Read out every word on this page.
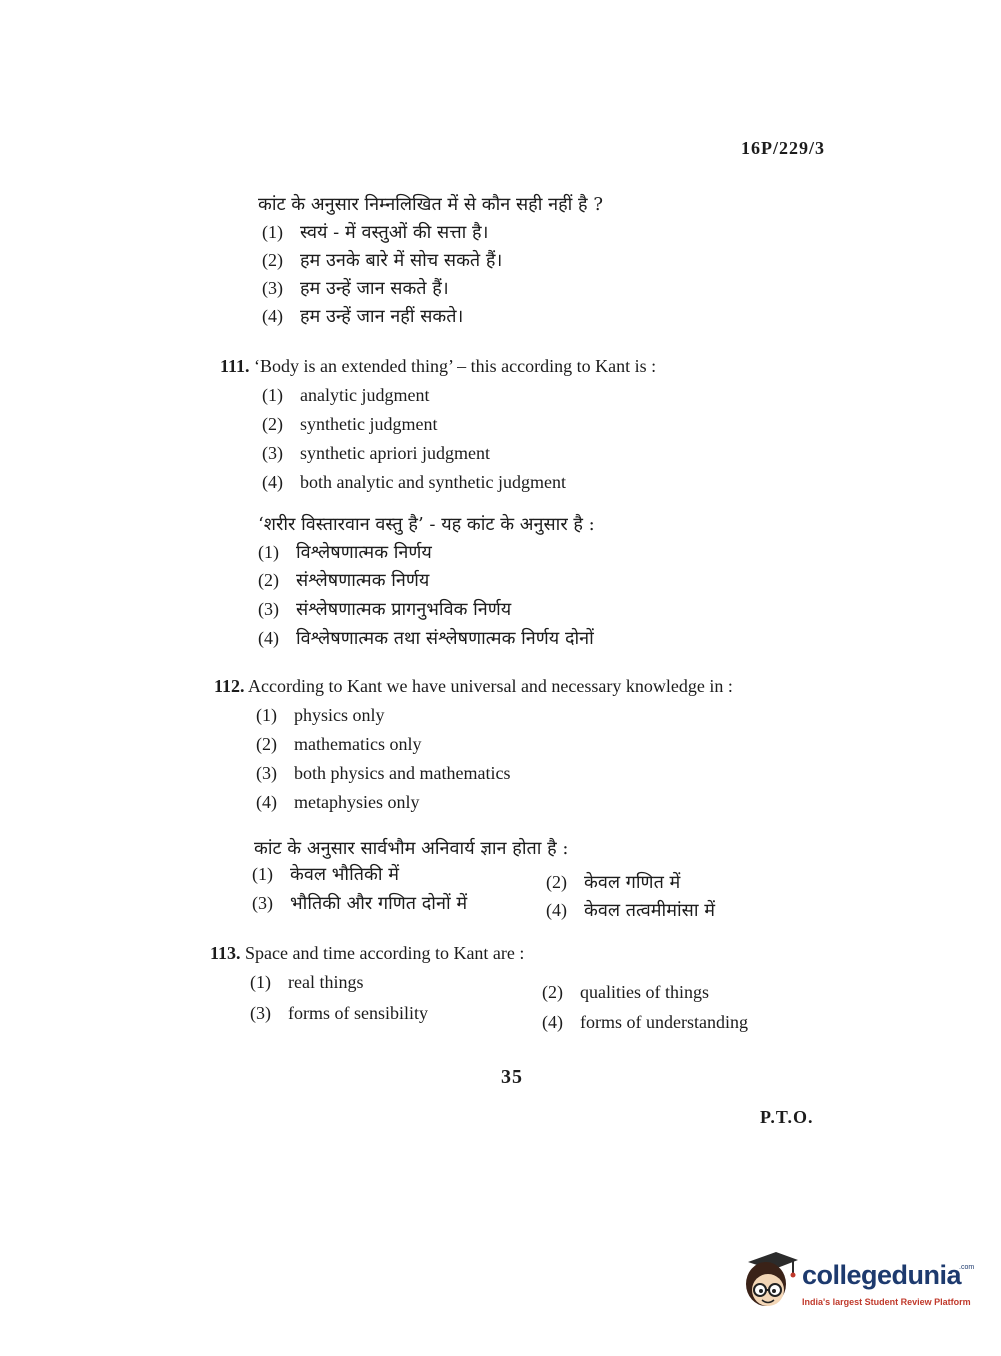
16P/229/3
कांट के अनुसार निम्नलिखित में से कौन सही नहीं है ?
(1) स्वयं - में वस्तुओं की सत्ता है।
(2) हम उनके बारे में सोच सकते हैं।
(3) हम उन्हें जान सकते हैं।
(4) हम उन्हें जान नहीं सकते।
111. ‘Body is an extended thing’ – this according to Kant is :
(1) analytic judgment
(2) synthetic judgment
(3) synthetic apriori judgment
(4) both analytic and synthetic judgment
‘शरीर विस्तारवान वस्तु है’ - यह कांट के अनुसार है :
(1) विश्लेषणात्मक निर्णय
(2) संश्लेषणात्मक निर्णय
(3) संश्लेषणात्मक प्रागनुभविक निर्णय
(4) विश्लेषणात्मक तथा संश्लेषणात्मक निर्णय दोनों
112. According to Kant we have universal and necessary knowledge in :
(1) physics only
(2) mathematics only
(3) both physics and mathematics
(4) metaphysies only
कांट के अनुसार सार्वभौम अनिवार्य ज्ञान होता है :
(1) केवल भौतिकी में	(2) केवल गणित में
(3) भौतिकी और गणित दोनों में	(4) केवल तत्वमीमांसा में
113. Space and time according to Kant are :
(1) real things	(2) qualities of things
(3) forms of sensibility	(4) forms of understanding
35
P.T.O.
collegedunia
.com
India's largest Student Review Platform
